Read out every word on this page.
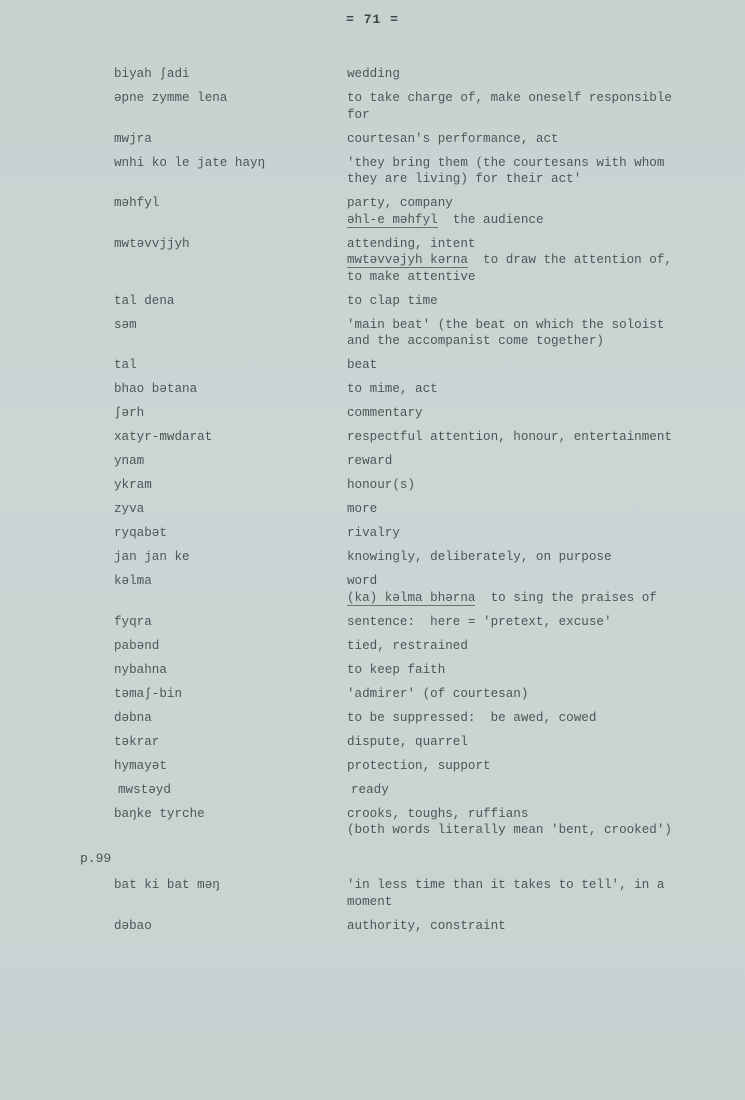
= 71 =
biyah ʃadi	wedding
əpne zymme lena	to take charge of, make oneself responsible
for
mwjra	courtesan's performance, act
wnhi ko le jate hayŋ	'they bring them (the courtesans with whom
they are living) for their act'
məhfyl	party, company
əhl-e məhfyl  the audience
mwtəvvjjyh	attending, intent
mwtəvvəjyh kərna  to draw the attention of,
to make attentive
tal dena	to clap time
səm	'main beat' (the beat on which the soloist
and the accompanist come together)
tal	beat
bhao bətana	to mime, act
ʃərh	commentary
xatyr-mwdarat	respectful attention, honour, entertainment
ynam	reward
ykram	honour(s)
zyva	more
ryqabət	rivalry
jan jan ke	knowingly, deliberately, on purpose
kəlma	word
(ka) kəlma bhərna  to sing the praises of
fyqra	sentence:  here = 'pretext, excuse'
pabənd	tied, restrained
nybahna	to keep faith
təmaʃ-bin	'admirer' (of courtesan)
dəbna	to be suppressed:  be awed, cowed
təkrar	dispute, quarrel
hymayət	protection, support
mwstəyd	ready
baŋke tyrche	crooks, toughs, ruffians
(both words literally mean 'bent, crooked')
p.99
bat ki bat məŋ	'in less time than it takes to tell', in a
moment
dəbao	authority, constraint
